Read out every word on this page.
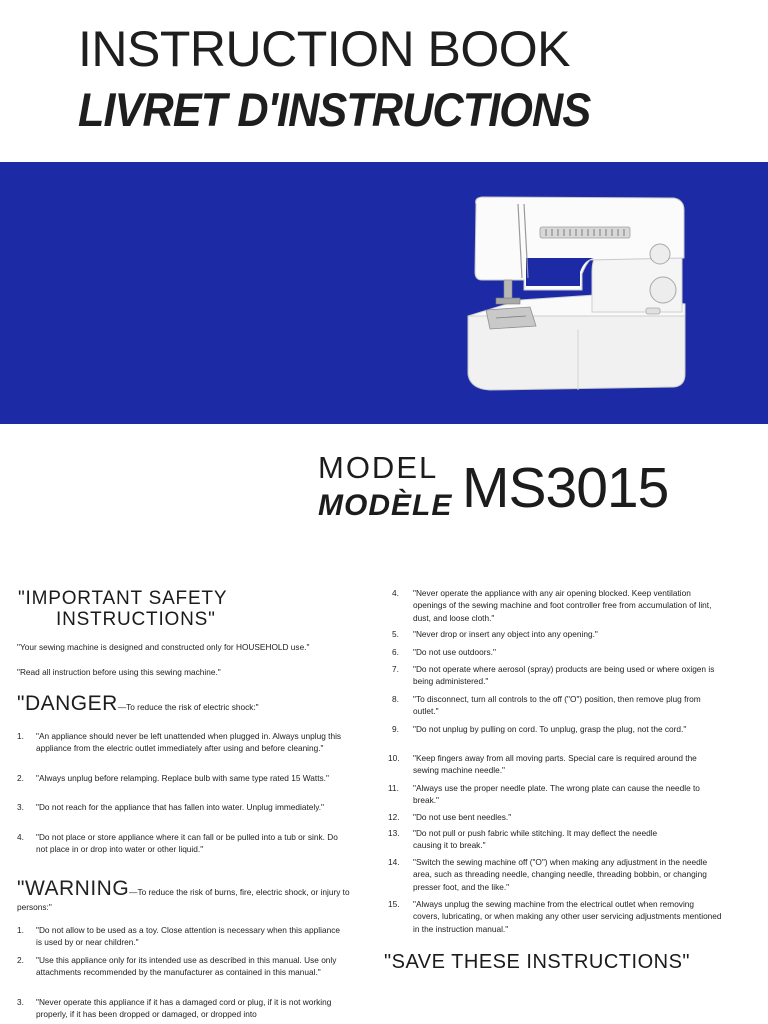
INSTRUCTION BOOK
LIVRET D'INSTRUCTIONS
MODEL
MODÈLE MS3015
"IMPORTANT SAFETY
INSTRUCTIONS"
"Your sewing machine is designed and constructed only for HOUSEHOLD use."
"Read all instruction before using this sewing machine."
"DANGER—To reduce the risk of electric shock:"
1. "An appliance should never be left unattended when plugged in. Always unplug this appliance from the electric outlet immediately after using and before cleaning."
2. "Always unplug before relamping. Replace bulb with same type rated 15 Watts."
3. "Do not reach for the appliance that has fallen into water. Unplug immediately."
4. "Do not place or store appliance where it can fall or be pulled into a tub or sink. Do not place in or drop into water or other liquid."
"WARNING—To reduce the risk of burns, fire, electric shock, or injury to persons:"
1. "Do not allow to be used as a toy. Close attention is necessary when this appliance is used by or near children."
2. "Use this appliance only for its intended use as described in this manual. Use only attachments recommended by the manufacturer as contained in this manual."
3. "Never operate this appliance if it has a damaged cord or plug, if it is not working properly, if it has been dropped or damaged, or dropped into
4. "Never operate the appliance with any air opening blocked. Keep ventilation openings of the sewing machine and foot controller free from accumulation of lint, dust, and loose cloth."
5. "Never drop or insert any object into any opening."
6. "Do not use outdoors."
7. "Do not operate where aerosol (spray) products are being used or where oxigen is being administered."
8. "To disconnect, turn all controls to the off ("O") position, then remove plug from outlet."
9. "Do not unplug by pulling on cord. To unplug, grasp the plug, not the cord."
10. "Keep fingers away from all moving parts. Special care is required around the sewing machine needle."
11. "Always use the proper needle plate. The wrong plate can cause the needle to break."
12. "Do not use bent needles."
13. "Do not pull or push fabric while stitching. It may deflect the needle causing it to break."
14. "Switch the sewing machine off ("O") when making any adjustment in the needle area, such as threading needle, changing needle, threading bobbin, or changing presser foot, and the like."
15. "Always unplug the sewing machine from the electrical outlet when removing covers, lubricating, or when making any other user servicing adjustments mentioned in the instruction manual."
"SAVE THESE INSTRUCTIONS"
